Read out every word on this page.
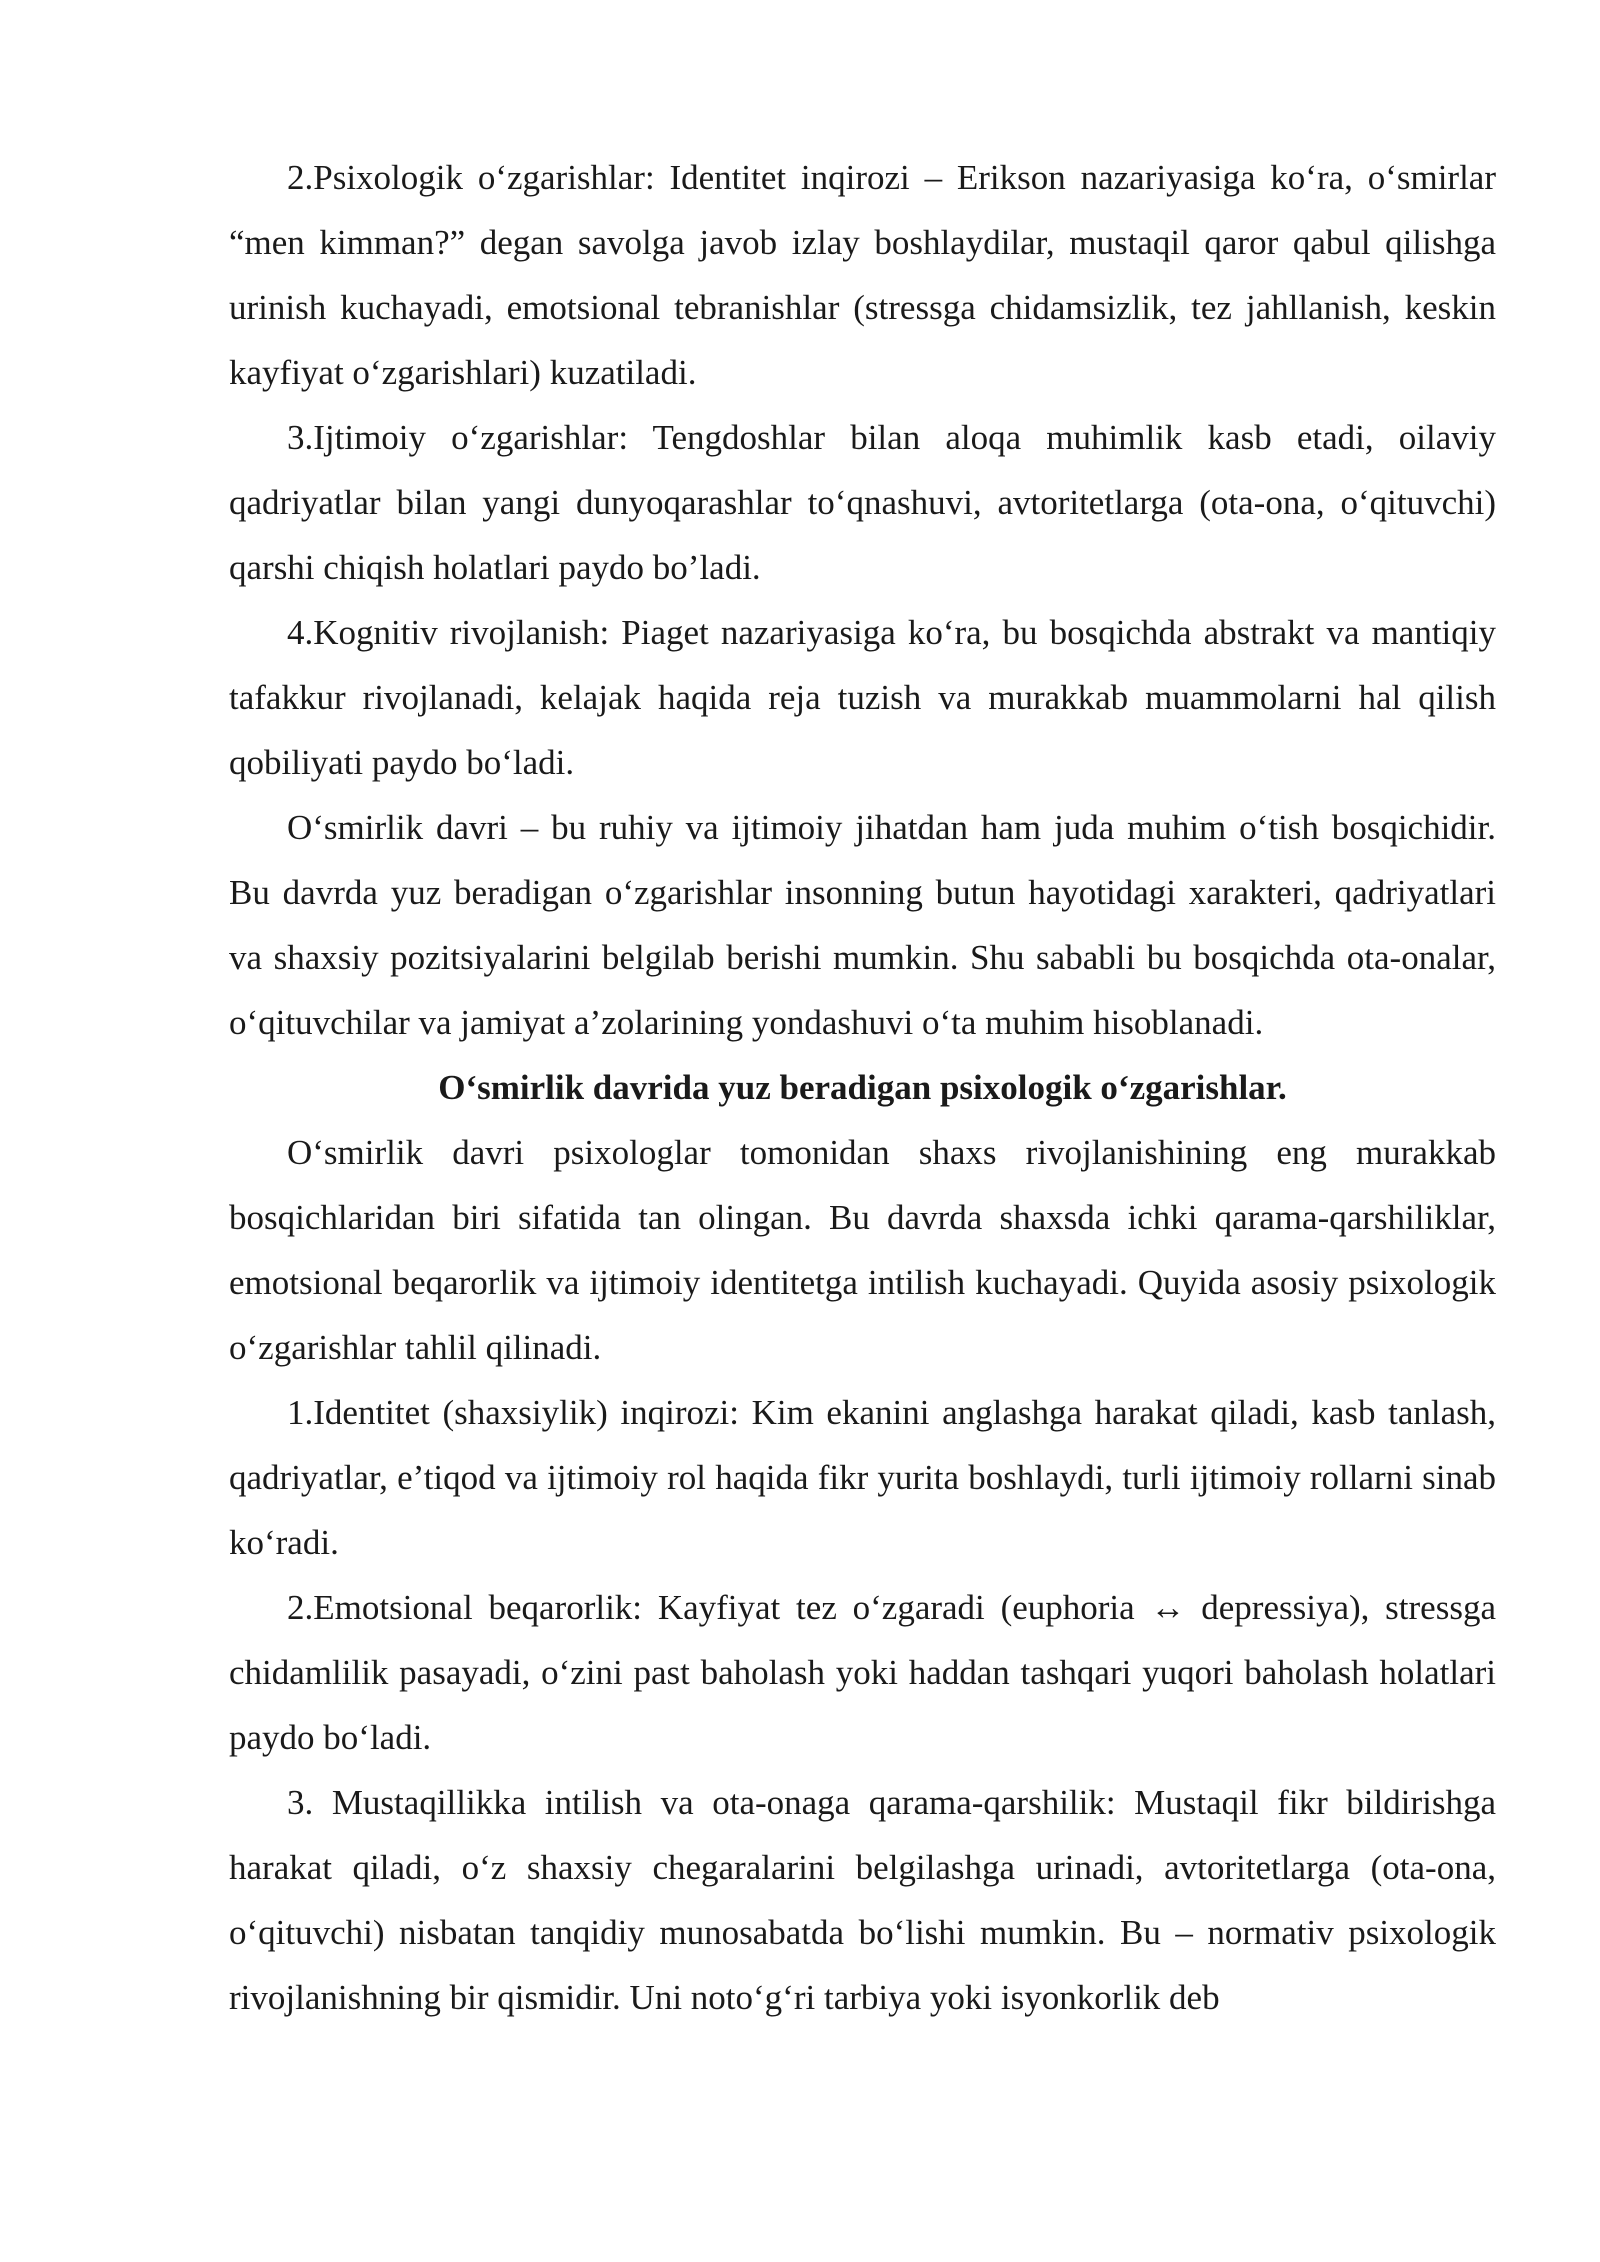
2.Psixologik o‘zgarishlar: Identitet inqirozi – Erikson nazariyasiga ko‘ra, o‘smirlar “men kimman?” degan savolga javob izlay boshlaydilar, mustaqil qaror qabul qilishga urinish kuchayadi, emotsional tebranishlar (stressga chidamsizlik, tez jahllanish, keskin kayfiyat o‘zgarishlari) kuzatiladi.

3.Ijtimoiy o‘zgarishlar: Tengdoshlar bilan aloqa muhimlik kasb etadi, oilaviy qadriyatlar bilan yangi dunyoqarashlar to‘qnashuvi, avtoritetlarga (ota-ona, o‘qituvchi) qarshi chiqish holatlari paydo bo’ladi.

4.Kognitiv rivojlanish: Piaget nazariyasiga ko‘ra, bu bosqichda abstrakt va mantiqiy tafakkur rivojlanadi, kelajak haqida reja tuzish va murakkab muammolarni hal qilish qobiliyati paydo bo‘ladi.

O‘smirlik davri – bu ruhiy va ijtimoiy jihatdan ham juda muhim o‘tish bosqichidir. Bu davrda yuz beradigan o‘zgarishlar insonning butun hayotidagi xarakteri, qadriyatlari va shaxsiy pozitsiyalarini belgilab berishi mumkin. Shu sababli bu bosqichda ota-onalar, o‘qituvchilar va jamiyat a’zolarining yondashuvi o‘ta muhim hisoblanadi.

O‘smirlik davrida yuz beradigan psixologik o‘zgarishlar.

O‘smirlik davri psixologlar tomonidan shaxs rivojlanishining eng murakkab bosqichlaridan biri sifatida tan olingan. Bu davrda shaxsda ichki qarama-qarshiliklar, emotsional beqarorlik va ijtimoiy identitetga intilish kuchayadi. Quyida asosiy psixologik o‘zgarishlar tahlil qilinadi.

1.Identitet (shaxsiylik) inqirozi: Kim ekanini anglashga harakat qiladi, kasb tanlash, qadriyatlar, e’tiqod va ijtimoiy rol haqida fikr yurita boshlaydi, turli ijtimoiy rollarni sinab ko‘radi.

2.Emotsional beqarorlik: Kayfiyat tez o‘zgaradi (euphoria ↔ depressiya), stressga chidamlilik pasayadi, o‘zini past baholash yoki haddan tashqari yuqori baholash holatlari paydo bo‘ladi.

3. Mustaqillikka intilish va ota-onaga qarama-qarshilik: Mustaqil fikr bildirishga harakat qiladi, o‘z shaxsiy chegaralarini belgilashga urinadi, avtoritetlarga (ota-ona, o‘qituvchi) nisbatan tanqidiy munosabatda bo‘lishi mumkin. Bu – normativ psixologik rivojlanishning bir qismidir. Uni noto‘g‘ri tarbiya yoki isyonkorlik deb
